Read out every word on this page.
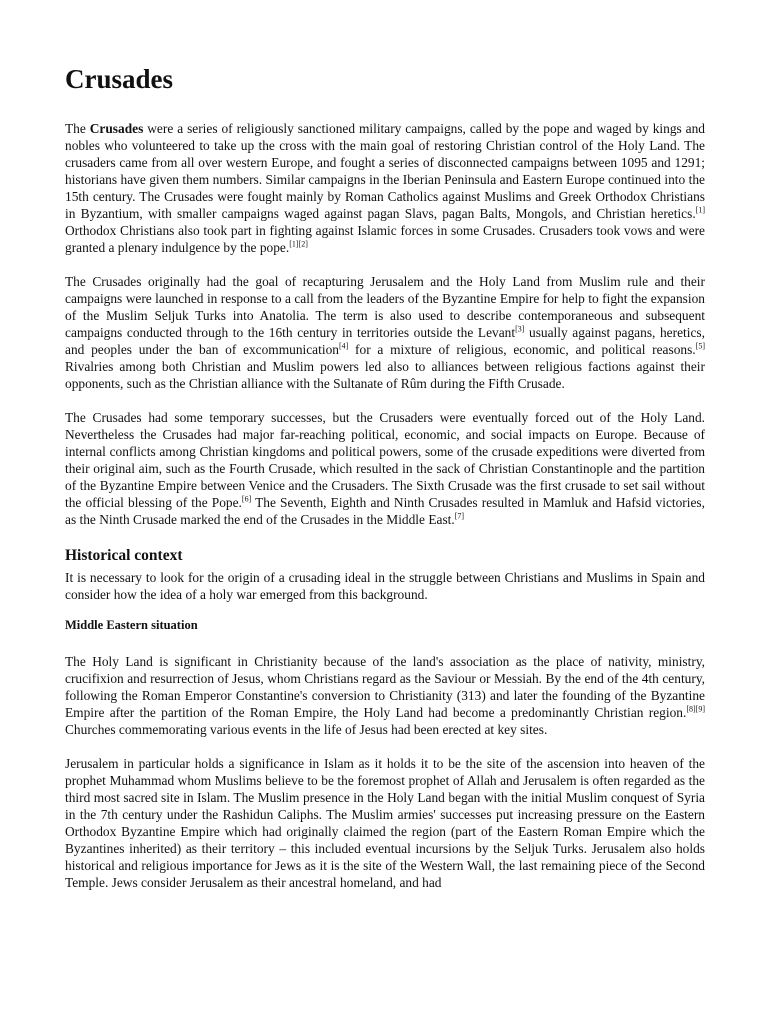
Crusades

The Crusades were a series of religiously sanctioned military campaigns, called by the pope and waged by kings and nobles who volunteered to take up the cross with the main goal of restoring Christian control of the Holy Land. The crusaders came from all over western Europe, and fought a series of disconnected campaigns between 1095 and 1291; historians have given them numbers. Similar campaigns in the Iberian Peninsula and Eastern Europe continued into the 15th century. The Crusades were fought mainly by Roman Catholics against Muslims and Greek Orthodox Christians in Byzantium, with smaller campaigns waged against pagan Slavs, pagan Balts, Mongols, and Christian heretics.[1] Orthodox Christians also took part in fighting against Islamic forces in some Crusades. Crusaders took vows and were granted a plenary indulgence by the pope.[1][2]

The Crusades originally had the goal of recapturing Jerusalem and the Holy Land from Muslim rule and their campaigns were launched in response to a call from the leaders of the Byzantine Empire for help to fight the expansion of the Muslim Seljuk Turks into Anatolia. The term is also used to describe contemporaneous and subsequent campaigns conducted through to the 16th century in territories outside the Levant[3] usually against pagans, heretics, and peoples under the ban of excommunication[4] for a mixture of religious, economic, and political reasons.[5] Rivalries among both Christian and Muslim powers led also to alliances between religious factions against their opponents, such as the Christian alliance with the Sultanate of Rûm during the Fifth Crusade.

The Crusades had some temporary successes, but the Crusaders were eventually forced out of the Holy Land. Nevertheless the Crusades had major far-reaching political, economic, and social impacts on Europe. Because of internal conflicts among Christian kingdoms and political powers, some of the crusade expeditions were diverted from their original aim, such as the Fourth Crusade, which resulted in the sack of Christian Constantinople and the partition of the Byzantine Empire between Venice and the Crusaders. The Sixth Crusade was the first crusade to set sail without the official blessing of the Pope.[6] The Seventh, Eighth and Ninth Crusades resulted in Mamluk and Hafsid victories, as the Ninth Crusade marked the end of the Crusades in the Middle East.[7]

Historical context

It is necessary to look for the origin of a crusading ideal in the struggle between Christians and Muslims in Spain and consider how the idea of a holy war emerged from this background.

Middle Eastern situation

The Holy Land is significant in Christianity because of the land's association as the place of nativity, ministry, crucifixion and resurrection of Jesus, whom Christians regard as the Saviour or Messiah. By the end of the 4th century, following the Roman Emperor Constantine's conversion to Christianity (313) and later the founding of the Byzantine Empire after the partition of the Roman Empire, the Holy Land had become a predominantly Christian region.[8][9] Churches commemorating various events in the life of Jesus had been erected at key sites.

Jerusalem in particular holds a significance in Islam as it holds it to be the site of the ascension into heaven of the prophet Muhammad whom Muslims believe to be the foremost prophet of Allah and Jerusalem is often regarded as the third most sacred site in Islam. The Muslim presence in the Holy Land began with the initial Muslim conquest of Syria in the 7th century under the Rashidun Caliphs. The Muslim armies' successes put increasing pressure on the Eastern Orthodox Byzantine Empire which had originally claimed the region (part of the Eastern Roman Empire which the Byzantines inherited) as their territory – this included eventual incursions by the Seljuk Turks. Jerusalem also holds historical and religious importance for Jews as it is the site of the Western Wall, the last remaining piece of the Second Temple. Jews consider Jerusalem as their ancestral homeland, and had
